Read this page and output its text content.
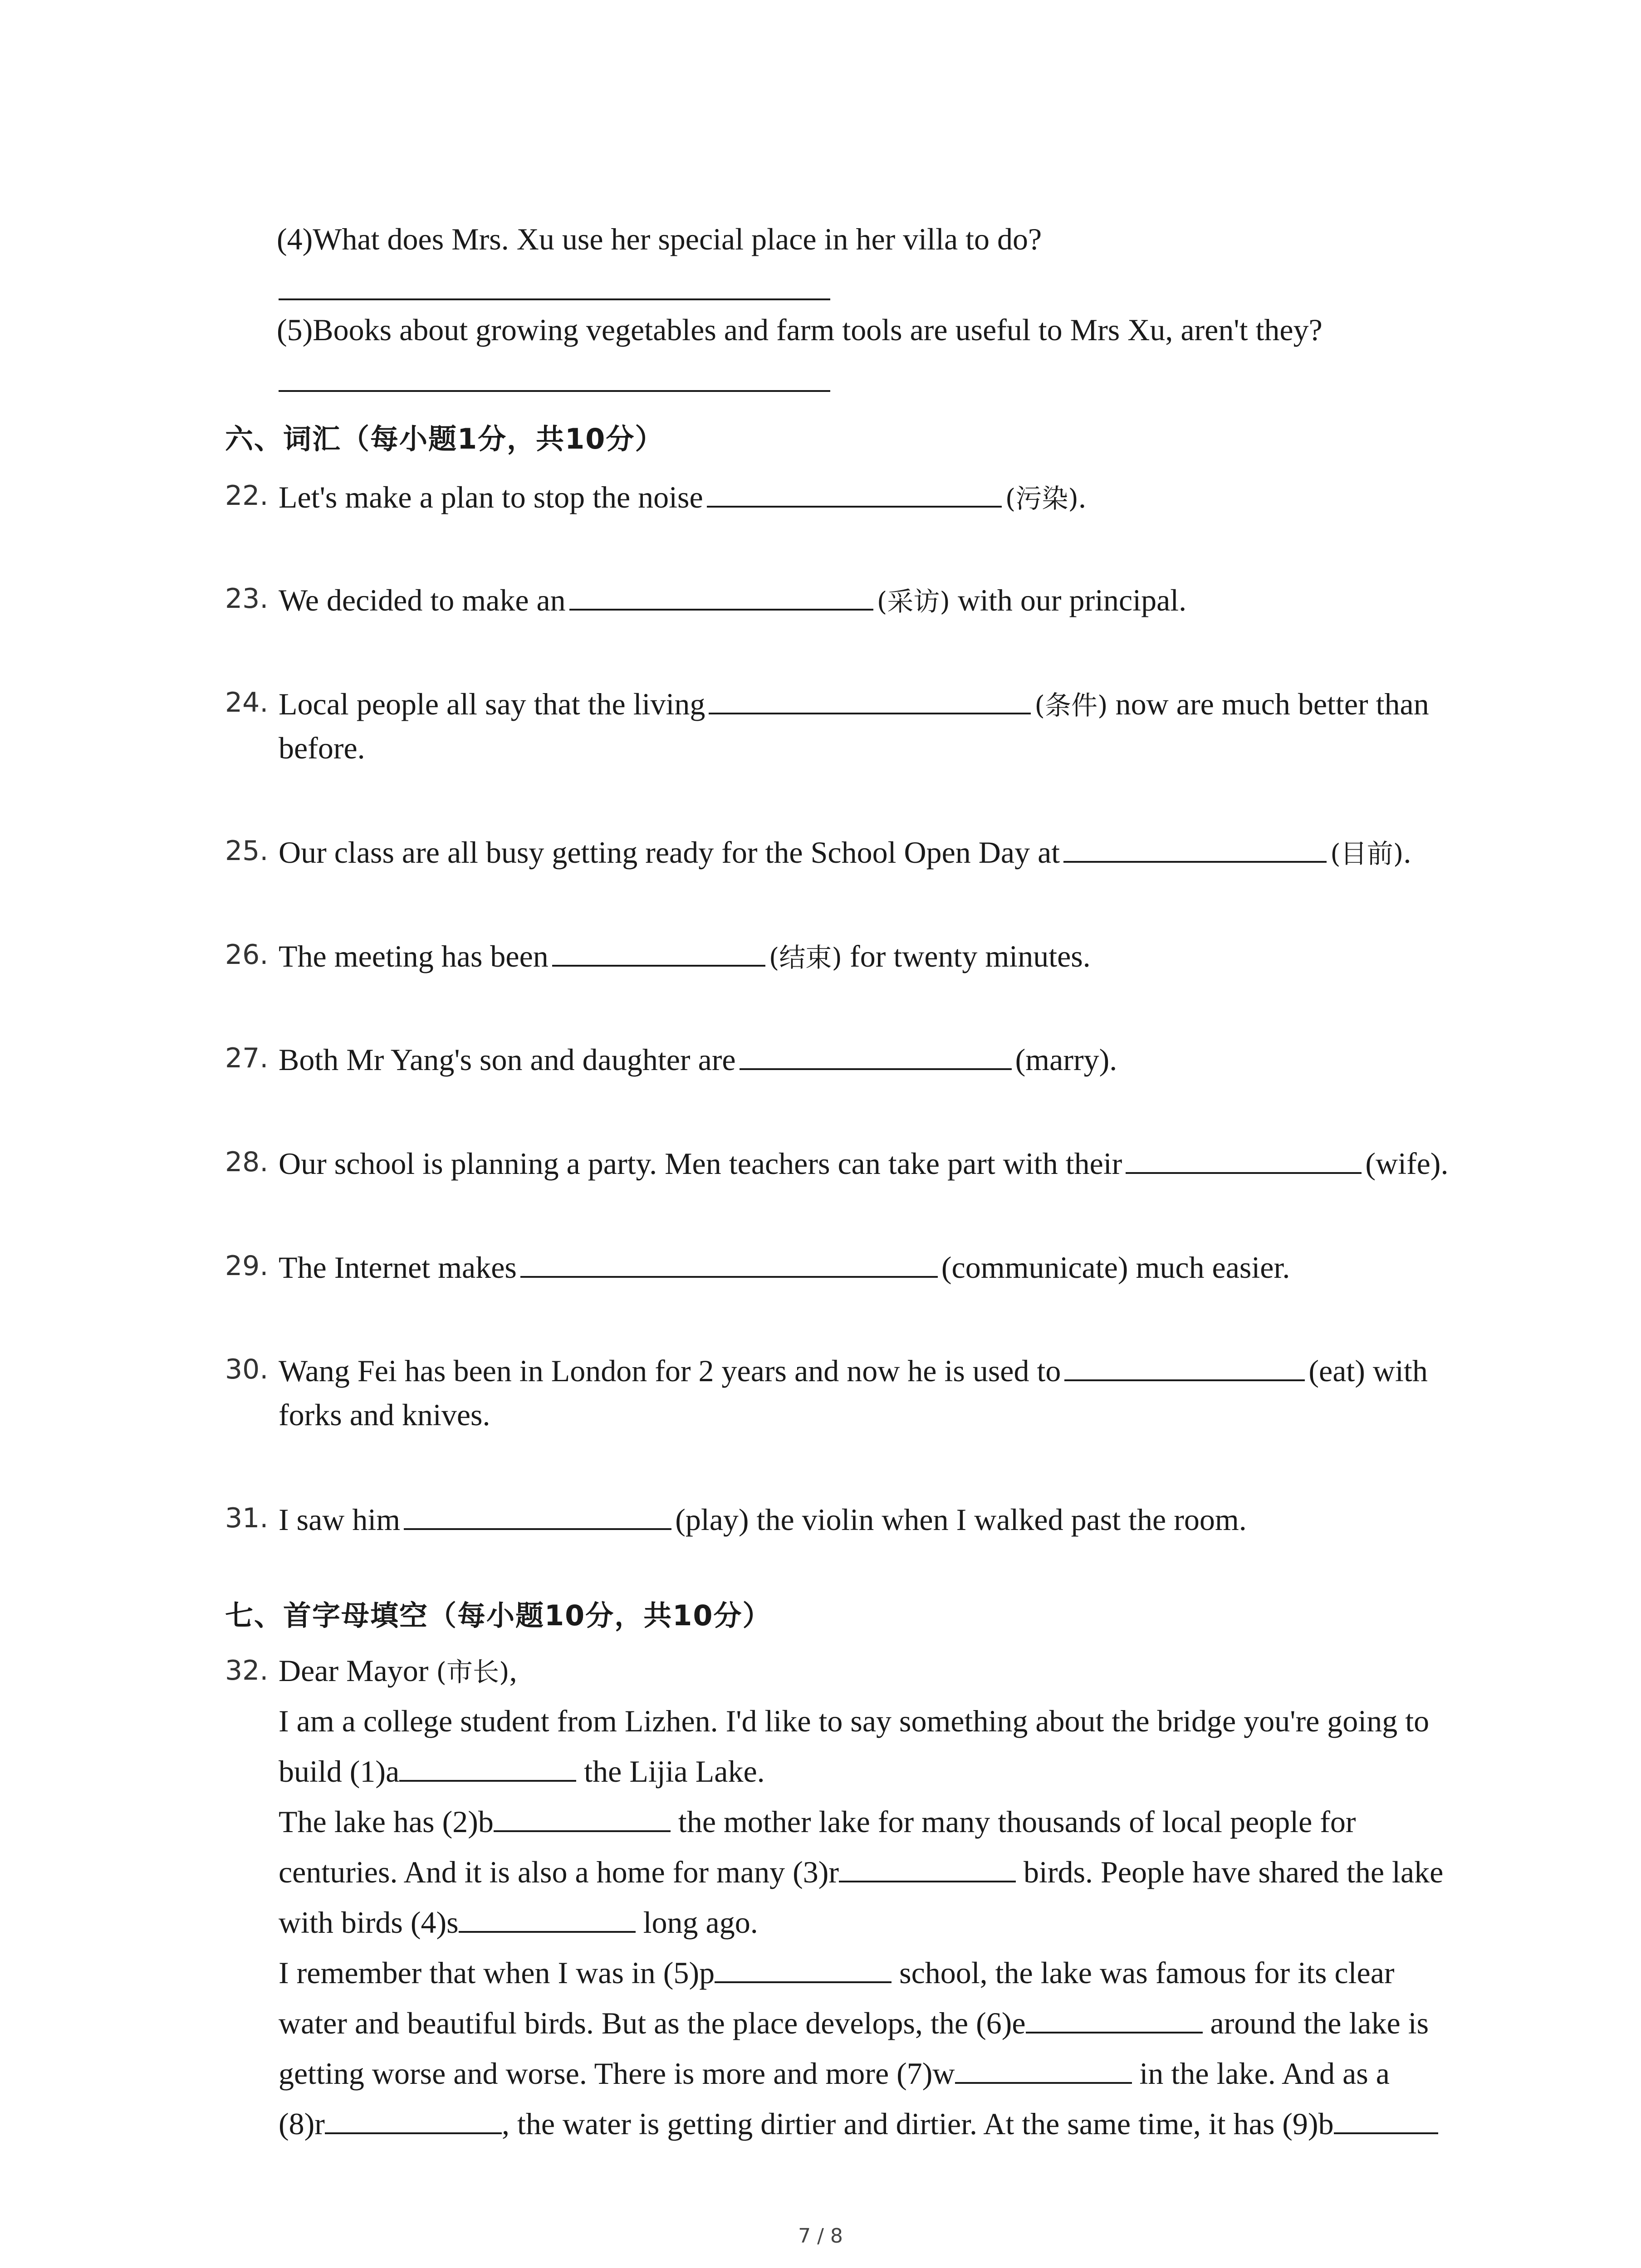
(4)What does Mrs. Xu use her special place in her villa to do?
(5)Books about growing vegetables and farm tools are useful to Mrs Xu, aren't they?
六、词汇（每小题1分，共10分）
22. Let's make a plan to stop the noise	(污染).
23. We decided to make an	(采访) with our principal.
24. Local people all say that the living	(条件) now are much better than
before.
25. Our class are all busy getting ready for the School Open Day at	(目前).
26. The meeting has been	(结束) for twenty minutes.
27. Both Mr Yang's son and daughter are	(marry).
28. Our school is planning a party. Men teachers can take part with their	(wife).
29. The Internet makes	(communicate) much easier.
30. Wang Fei has been in London for 2 years and now he is used to	(eat) with
forks and knives.
31. I saw him	(play) the violin when I walked past the room.
七、首字母填空（每小题10分，共10分）
32. Dear Mayor (市长),
I am a college student from Lizhen. I'd like to say something about the bridge you're going to
build (1)a	the Lijia Lake.
The lake has (2)b	the mother lake for many thousands of local people for
centuries. And it is also a home for many (3)r	birds. People have shared the lake
with birds (4)s	long ago.
I remember that when I was in (5)p	school, the lake was famous for its clear
water and beautiful birds. But as the place develops, the (6)e	around the lake is
getting worse and worse. There is more and more (7)w	in the lake. And as a
(8)r	, the water is getting dirtier and dirtier. At the same time, it has (9)b
7 / 8
